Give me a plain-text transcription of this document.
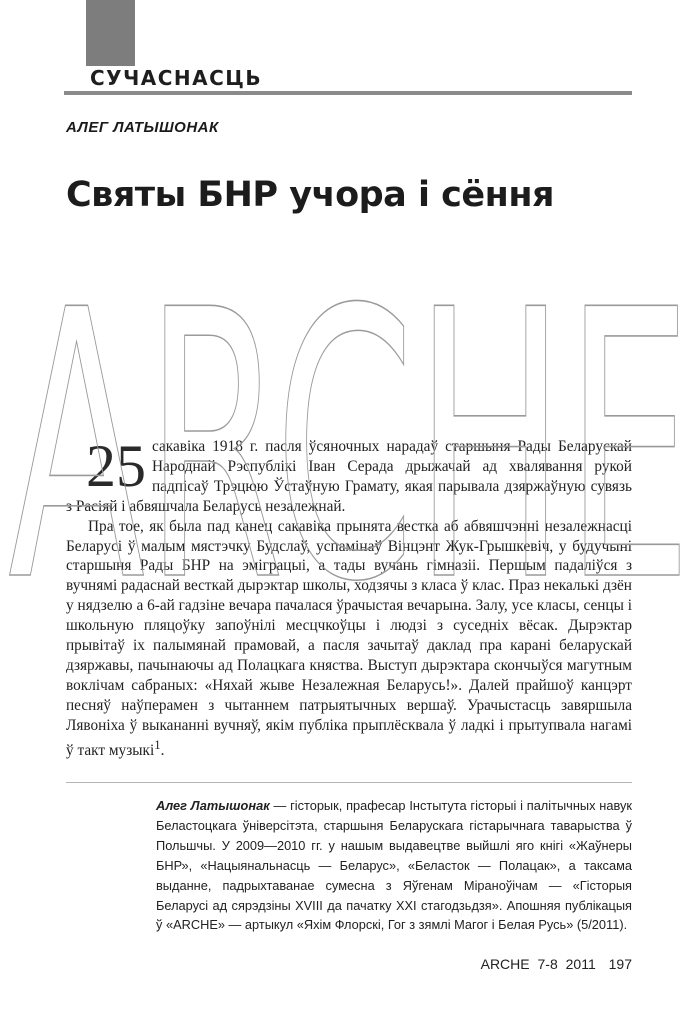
СУЧАСНАСЦЬ
АЛЕГ ЛАТЫШОНАК
Святы БНР учора і сёння

25 сакавіка 1918 г. пасля ўсяночных нарадаў старшыня Рады Беларускай Народнай Рэспублікі Іван Серада дрыжачай ад хвалявання рукой падпісаў Трэцюю Ўстаўную Грамату, якая парывала дзяржаўную сувязь з Расіяй і абвяшчала Беларусь незалежнай.

Пра тое, як была пад канец сакавіка прынята вестка аб абвяшчэнні незалежнасці Беларусі ў малым мястэчку Будслаў, успамінаў Вінцэнт Жук-Грышкевіч, у будучыні старшыня Рады БНР на эміграцыі, а тады вучань гімназіі. Першым падаліўся з вучнямі радаснай весткай дырэктар школы, ходзячы з класа ў клас. Праз некалькі дзён у нядзелю а 6-ай гадзіне вечара пачалася ўрачыстая вечарына. Залу, усе класы, сенцы і школьную пляцоўку запоўнілі месцчкоўцы і людзі з суседніх вёсак. Дырэктар прывітаў іх палымянай прамовай, а пасля зачытаў даклад пра карані беларускай дзяржавы, пачынаючы ад Полацкага княства. Выступ дырэктара скончыўся магутным воклічам сабраных: «Няхай жыве Незалежная Беларусь!». Далей прайшоў канцэрт песняў наўперамен з чытаннем патрыятычных вершаў. Урачыстасць завяршыла Лявоніха ў выкананні вучняў, якім публіка прыплёсквала ў ладкі і прытупвала нагамі ў такт музыкі$^1$.

ARCHE
Алег Латышонак — гісторык, прафесар Інстытута гісторыі і палітычных навук Беластоцкага ўніверсітэта, старшыня Беларускага гістарычнага таварыства ў Польшчы. У 2009—2010 гг. у нашым выдавецтве выйшлі яго кнігі «Жаўнеры БНР», «Нацыянальнасць — Беларус», «Беласток — Полацак», а таксама выданне, падрыхтаванае сумесна з Яўгенам Міраноўічам — «Гісторыя Беларусі ад сярэдзіны XVIII да пачатку XXI стагодзьдзя». Апошняя публікацыя ў «ARCHE» — артыкул «Яхім Флорскі, Гог з зямлі Магог і Белая Русь» (5/2011).
ARCHE 7-8 2011 197
